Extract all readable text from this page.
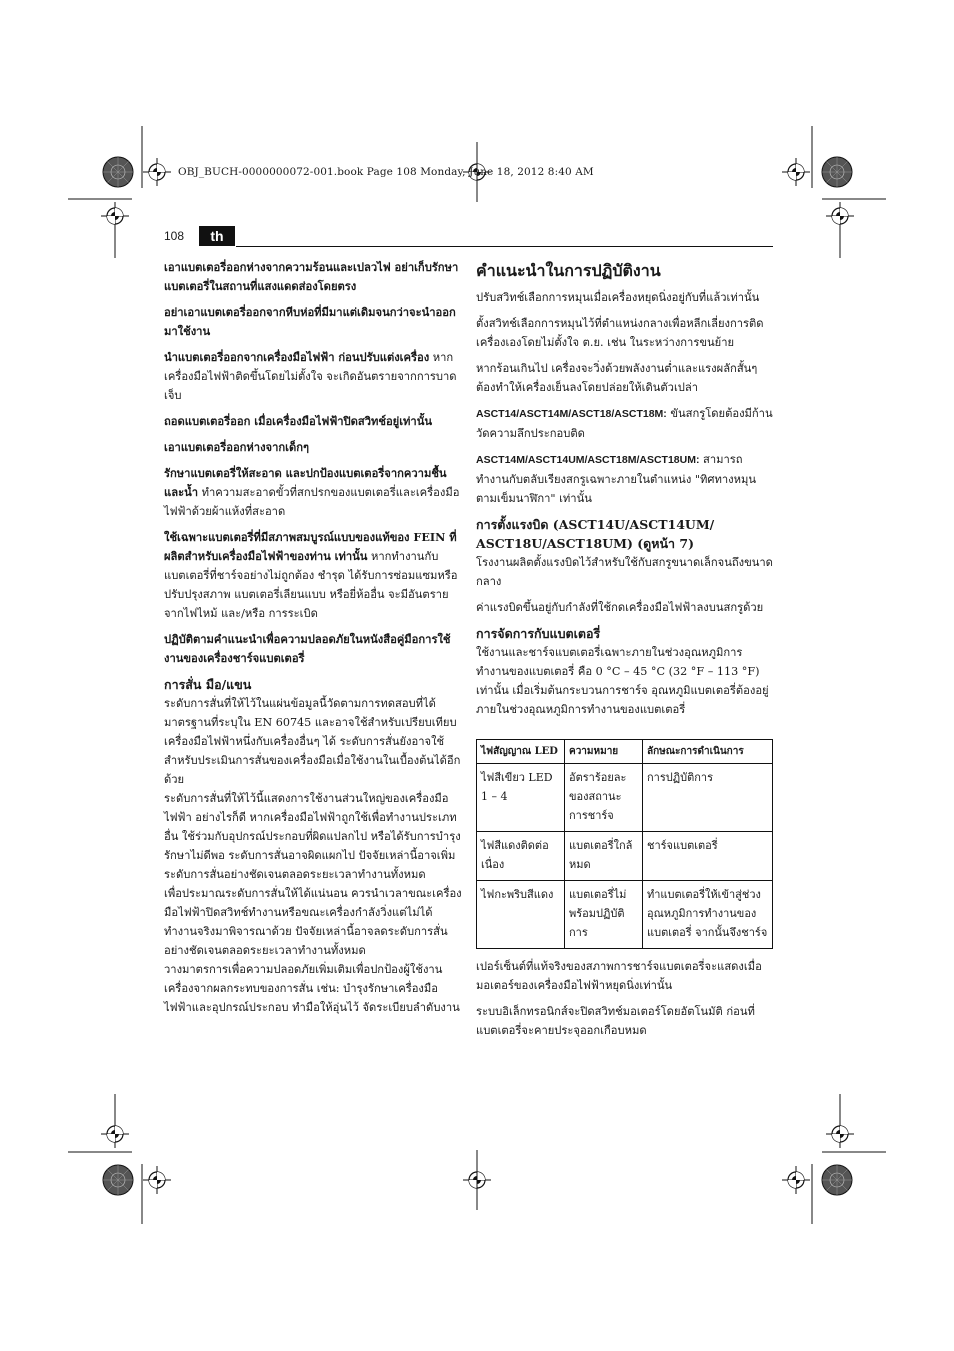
OBJ_BUCH-0000000072-001.book Page 108 Monday, June 18, 2012 8:40 AM
108	th

เอาแบตเตอรี่ออกห่างจากความร้อนและเปลวไฟ อย่าเก็บรักษาแบตเตอรี่ในสถานที่แสงแดดส่องโดยตรง

อย่าเอาแบตเตอรี่ออกจากหีบห่อที่มีมาแต่เดิมจนกว่าจะนำออกมาใช้งาน

นำแบตเตอรี่ออกจากเครื่องมือไฟฟ้า ก่อนปรับแต่งเครื่อง หากเครื่องมือไฟฟ้าติดขึ้นโดยไม่ตั้งใจ จะเกิดอันตรายจากการบาดเจ็บ

ถอดแบตเตอรี่ออก เมื่อเครื่องมือไฟฟ้าปิดสวิทช์อยู่เท่านั้น

เอาแบตเตอรี่ออกห่างจากเด็กๆ

รักษาแบตเตอรี่ให้สะอาด และปกป้องแบตเตอรี่จากความชื้นและน้ำ ทำความสะอาดขั้วที่สกปรกของแบตเตอรี่และเครื่องมือไฟฟ้าด้วยผ้าแห้งที่สะอาด

ใช้เฉพาะแบตเตอรี่ที่มีสภาพสมบูรณ์แบบของแท้ของ FEIN ที่ผลิตสำหรับเครื่องมือไฟฟ้าของท่าน เท่านั้น หากทำงานกับแบตเตอรี่ที่ชาร์จอย่างไม่ถูกต้อง ชำรุด ได้รับการซ่อมแซมหรือปรับปรุงสภาพ แบตเตอรี่เลียนแบบ หรือยี่ห้ออื่น จะมีอันตรายจากไฟไหม้ และ/หรือ การระเบิด

ปฏิบัติตามคำแนะนำเพื่อความปลอดภัยในหนังสือคู่มือการใช้งานของเครื่องชาร์จแบตเตอรี่

การสั่น มือ/แขน

ระดับการสั่นที่ให้ไว้ในแผ่นข้อมูลนี้วัดตามการทดสอบที่ได้มาตรฐานที่ระบุใน EN 60745 และอาจใช้สำหรับเปรียบเทียบเครื่องมือไฟฟ้าหนึ่งกับเครื่องอื่นๆ ได้ ระดับการสั่นยังอาจใช้สำหรับประเมินการสั่นของเครื่องมือเมื่อใช้งานในเบื้องต้นได้อีกด้วย

ระดับการสั่นที่ให้ไว้นี้แสดงการใช้งานส่วนใหญ่ของเครื่องมือไฟฟ้า อย่างไรก็ดี หากเครื่องมือไฟฟ้าถูกใช้เพื่อทำงานประเภทอื่น ใช้ร่วมกับอุปกรณ์ประกอบที่ผิดแปลกไป หรือได้รับการบำรุงรักษาไม่ดีพอ ระดับการสั่นอาจผิดแผกไป ปัจจัยเหล่านี้อาจเพิ่มระดับการสั่นอย่างชัดเจนตลอดระยะเวลาทำงานทั้งหมด

เพื่อประมาณระดับการสั่นให้ได้แน่นอน ควรนำเวลาขณะเครื่องมือไฟฟ้าปิดสวิทช์ทำงานหรือขณะเครื่องกำลังวิ่งแต่ไม่ได้ทำงานจริงมาพิจารณาด้วย ปัจจัยเหล่านี้อาจลดระดับการสั่นอย่างชัดเจนตลอดระยะเวลาทำงานทั้งหมด

วางมาตรการเพื่อความปลอดภัยเพิ่มเติมเพื่อปกป้องผู้ใช้งานเครื่องจากผลกระทบของการสั่น เช่น: บำรุงรักษาเครื่องมือไฟฟ้าและอุปกรณ์ประกอบ ทำมือให้อุ่นไว้ จัดระเบียบลำดับงาน

คำแนะนำในการปฏิบัติงาน

ปรับสวิทช์เลือกการหมุนเมื่อเครื่องหยุดนิ่งอยู่กับที่แล้วเท่านั้น

ตั้งสวิทช์เลือกการหมุนไว้ที่ตำแหน่งกลางเพื่อหลีกเลี่ยงการติดเครื่องเองโดยไม่ตั้งใจ ต.ย. เช่น ในระหว่างการขนย้าย

หากร้อนเกินไป เครื่องจะวิ่งด้วยพลังงานต่ำและแรงผลักสั้นๆ ต้องทำให้เครื่องเย็นลงโดยปล่อยให้เดินตัวเปล่า

ASCT14/ASCT14M/ASCT18/ASCT18M: ขันสกรูโดยต้องมีก้านวัดความลึกประกอบติด

ASCT14M/ASCT14UM/ASCT18M/ASCT18UM: สามารถทำงานกับตลับเรียงสกรูเฉพาะภายในตำแหน่ง "ทิศทางหมุนตามเข็มนาฬิกา" เท่านั้น

การตั้งแรงบิด (ASCT14U/ASCT14UM/
ASCT18U/ASCT18UM) (ดูหน้า 7)

โรงงานผลิตตั้งแรงบิดไว้สำหรับใช้กับสกรูขนาดเล็กจนถึงขนาดกลาง

ค่าแรงบิดขึ้นอยู่กับกำลังที่ใช้กดเครื่องมือไฟฟ้าลงบนสกรูด้วย

การจัดการกับแบตเตอรี่

ใช้งานและชาร์จแบตเตอรี่เฉพาะภายในช่วงอุณหภูมิการทำงานของแบตเตอรี่ คือ 0 °C – 45 °C (32 °F – 113 °F) เท่านั้น เมื่อเริ่มต้นกระบวนการชาร์จ อุณหภูมิแบตเตอรี่ต้องอยู่ภายในช่วงอุณหภูมิการทำงานของแบตเตอรี่

ไฟสัญญาณ LED	ความหมาย	ลักษณะการดำเนินการ
ไฟสีเขียว LED 1 – 4	อัตราร้อยละของสถานะการชาร์จ	การปฏิบัติการ
ไฟสีแดงติดต่อเนื่อง	แบตเตอรี่ใกล้หมด	ชาร์จแบตเตอรี่
ไฟกะพริบสีแดง	แบตเตอรี่ไม่พร้อมปฏิบัติการ	ทำแบตเตอรี่ให้เข้าสู่ช่วงอุณหภูมิการทำงานของแบตเตอรี่ จากนั้นจึงชาร์จ

เปอร์เซ็นต์ที่แท้จริงของสภาพการชาร์จแบตเตอรี่จะแสดงเมื่อมอเตอร์ของเครื่องมือไฟฟ้าหยุดนิ่งเท่านั้น

ระบบอิเล็กทรอนิกส์จะปิดสวิทช์มอเตอร์โดยอัตโนมัติ ก่อนที่แบตเตอรี่จะคายประจุออกเกือบหมด
